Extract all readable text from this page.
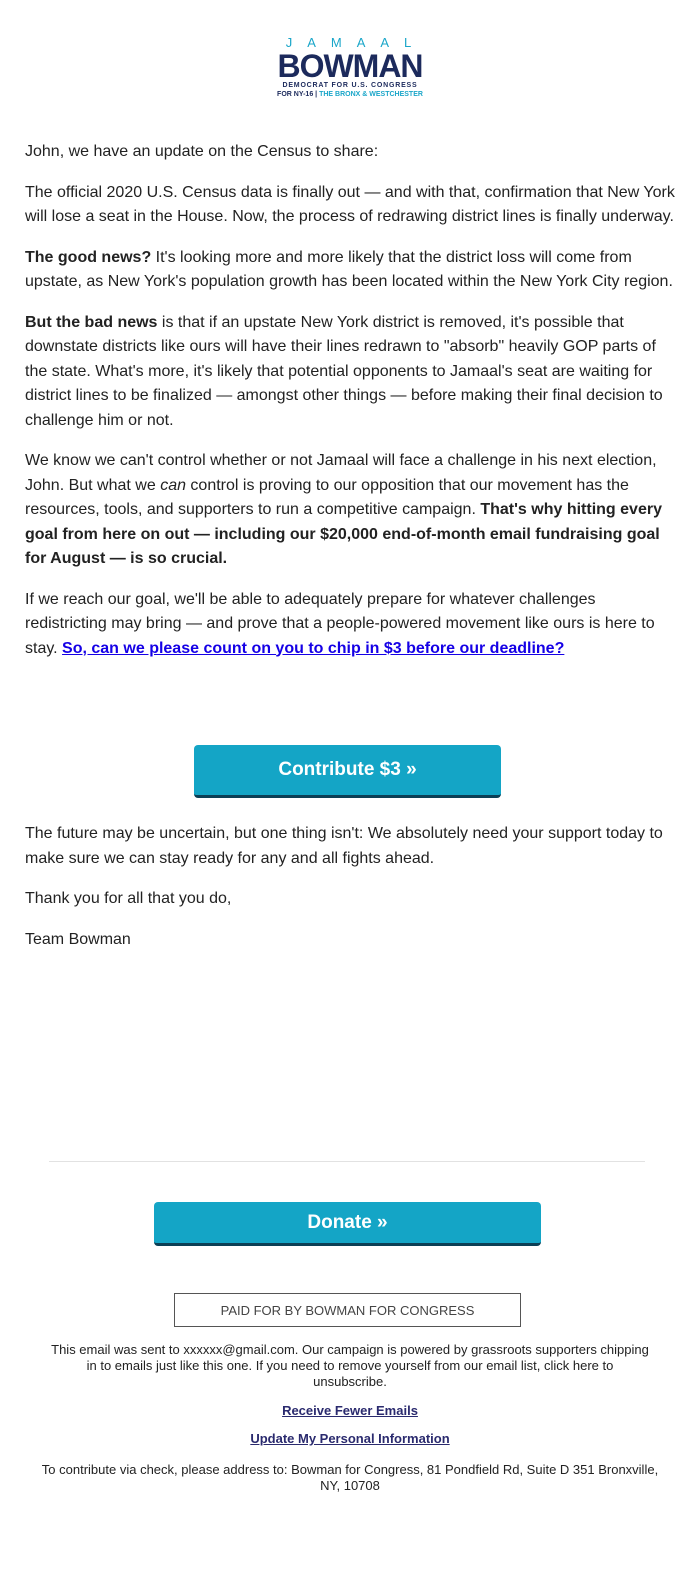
JAMAAL
BOWMAN
DEMOCRAT FOR U.S. CONGRESS
FOR NY-16 | THE BRONX & WESTCHESTER

John, we have an update on the Census to share:

The official 2020 U.S. Census data is finally out — and with that, confirmation that New York will lose a seat in the House. Now, the process of redrawing district lines is finally underway.

The good news? It's looking more and more likely that the district loss will come from upstate, as New York's population growth has been located within the New York City region.

But the bad news is that if an upstate New York district is removed, it's possible that downstate districts like ours will have their lines redrawn to "absorb" heavily GOP parts of the state. What's more, it's likely that potential opponents to Jamaal's seat are waiting for district lines to be finalized — amongst other things — before making their final decision to challenge him or not.

We know we can't control whether or not Jamaal will face a challenge in his next election, John. But what we can control is proving to our opposition that our movement has the resources, tools, and supporters to run a competitive campaign. That's why hitting every goal from here on out — including our $20,000 end-of-month email fundraising goal for August — is so crucial.

If we reach our goal, we'll be able to adequately prepare for whatever challenges redistricting may bring — and prove that a people-powered movement like ours is here to stay. So, can we please count on you to chip in $3 before our deadline?

Contribute $3 »

The future may be uncertain, but one thing isn't: We absolutely need your support today to make sure we can stay ready for any and all fights ahead.

Thank you for all that you do,

Team Bowman

Donate »
PAID FOR BY BOWMAN FOR CONGRESS
This email was sent to xxxxxx@gmail.com. Our campaign is powered by grassroots supporters chipping in to emails just like this one. If you need to remove yourself from our email list, click here to unsubscribe.
Receive Fewer Emails
Update My Personal Information
To contribute via check, please address to: Bowman for Congress, 81 Pondfield Rd, Suite D 351 Bronxville, NY, 10708
